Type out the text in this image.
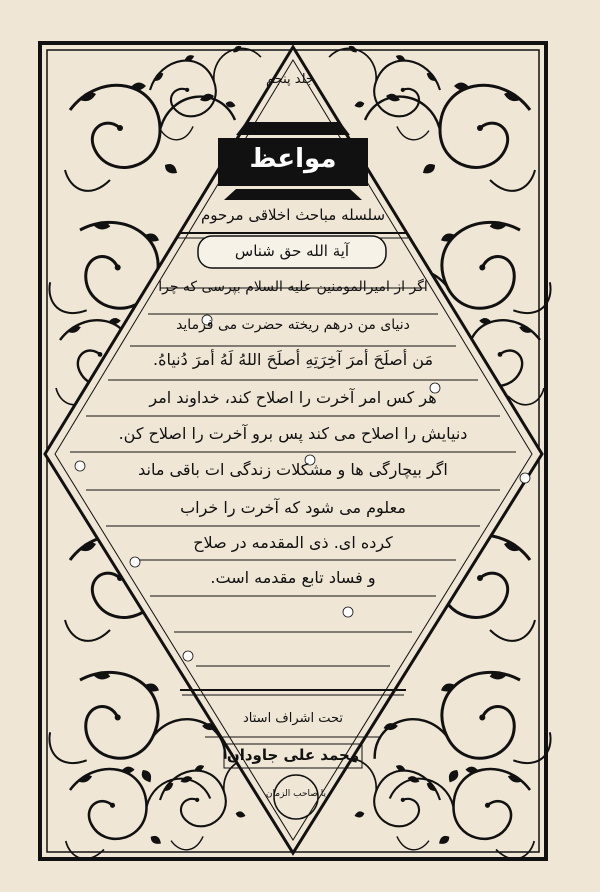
جلد پنجم
مواعظ
سلسله مباحث اخلاقی مرحوم
آیة الله حق شناس
اگر از امیرالمومنین علیه السلام بپرسی که چرا
دنیای من درهم ریخته حضرت می فرماید
مَن أصلَحَ أمرَ آخِرَتِهِ أصلَحَ اللهُ لَهُ أمرَ دُنیاهُ.
هر کس امر آخرت را اصلاح کند، خداوند امر
دنیایش را اصلاح می کند پس برو آخرت را اصلاح کن.
اگر بیچارگی ها و مشکلات زندگی ات باقی ماند
معلوم می شود که آخرت را خراب
کرده ای. ذی المقدمه در صلاح
و فساد تابع مقدمه است.
تحت اشراف استاد
محمد علی جاودان
یا صاحب الزمان
